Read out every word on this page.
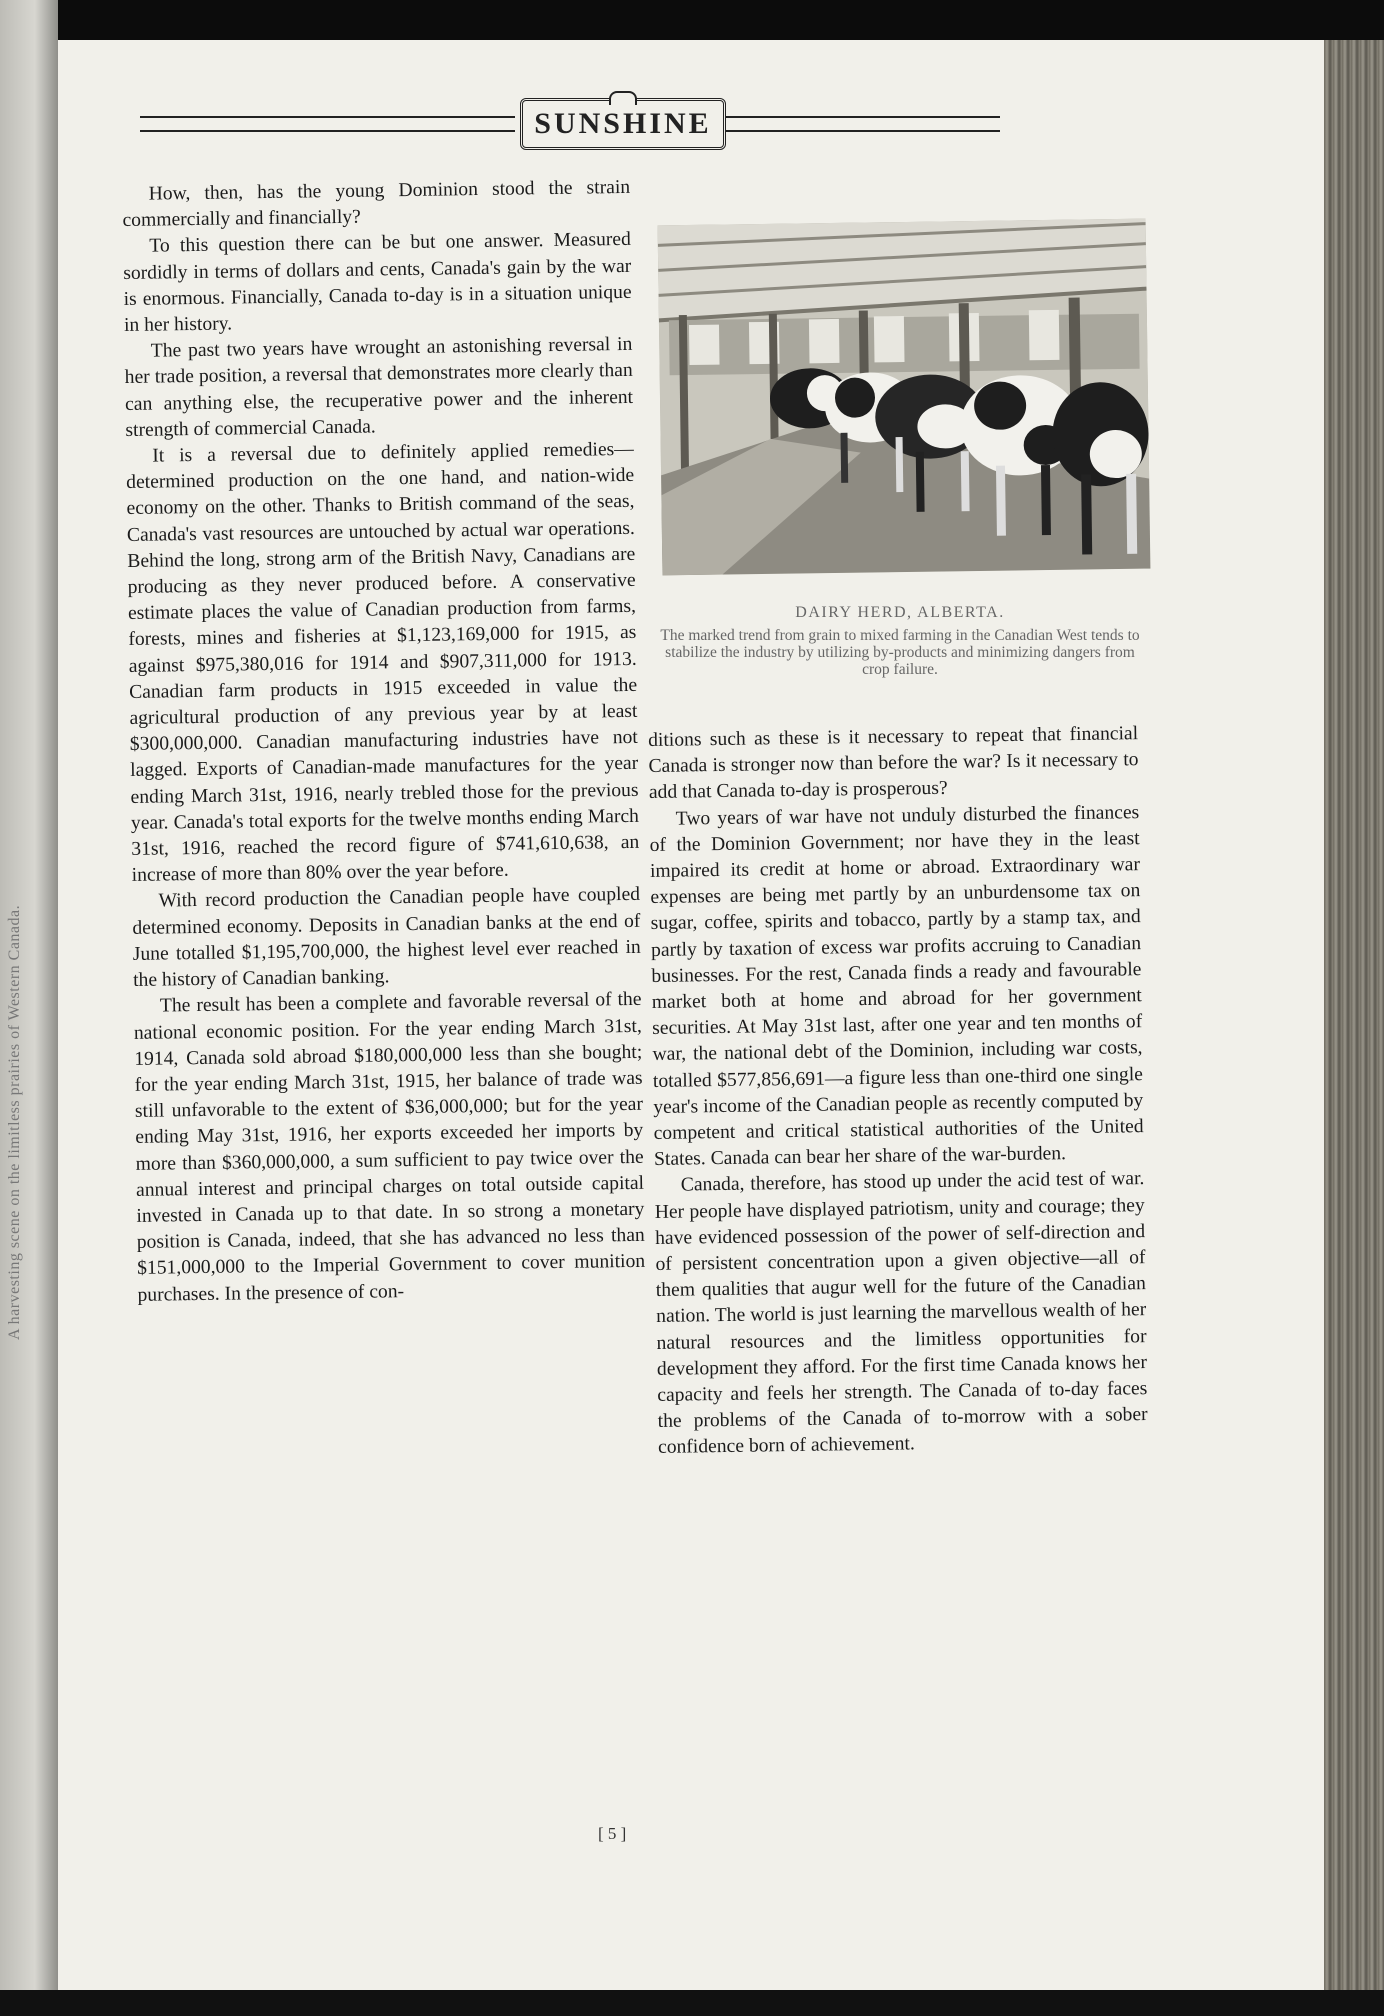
A harvesting scene on the limitless prairies of Western Canada.
SUNSHINE

How, then, has the young Dominion stood the strain commercially and financially?

To this question there can be but one answer. Measured sordidly in terms of dollars and cents, Canada's gain by the war is enormous. Financially, Canada to-day is in a situation unique in her history.

The past two years have wrought an astonishing reversal in her trade position, a reversal that demonstrates more clearly than can anything else, the recuperative power and the inherent strength of commercial Canada.

It is a reversal due to definitely applied remedies—determined production on the one hand, and nation-wide economy on the other. Thanks to British command of the seas, Canada's vast resources are untouched by actual war operations. Behind the long, strong arm of the British Navy, Canadians are producing as they never produced before. A conservative estimate places the value of Canadian production from farms, forests, mines and fisheries at $1,123,169,000 for 1915, as against $975,380,016 for 1914 and $907,311,000 for 1913. Canadian farm products in 1915 exceeded in value the agricultural production of any previous year by at least $300,000,000. Canadian manufacturing industries have not lagged. Exports of Canadian-made manufactures for the year ending March 31st, 1916, nearly trebled those for the previous year. Canada's total exports for the twelve months ending March 31st, 1916, reached the record figure of $741,610,638, an increase of more than 80% over the year before.

With record production the Canadian people have coupled determined economy. Deposits in Canadian banks at the end of June totalled $1,195,700,000, the highest level ever reached in the history of Canadian banking.

The result has been a complete and favorable reversal of the national economic position. For the year ending March 31st, 1914, Canada sold abroad $180,000,000 less than she bought; for the year ending March 31st, 1915, her balance of trade was still unfavorable to the extent of $36,000,000; but for the year ending May 31st, 1916, her exports exceeded her imports by more than $360,000,000, a sum sufficient to pay twice over the annual interest and principal charges on total outside capital invested in Canada up to that date. In so strong a monetary position is Canada, indeed, that she has advanced no less than $151,000,000 to the Imperial Government to cover munition purchases. In the presence of con-

DAIRY HERD, ALBERTA.
The marked trend from grain to mixed farming in the Canadian West tends to stabilize the industry by utilizing by-products and minimizing dangers from crop failure.

ditions such as these is it necessary to repeat that financial Canada is stronger now than before the war? Is it necessary to add that Canada to-day is prosperous?

Two years of war have not unduly disturbed the finances of the Dominion Government; nor have they in the least impaired its credit at home or abroad. Extraordinary war expenses are being met partly by an unburdensome tax on sugar, coffee, spirits and tobacco, partly by a stamp tax, and partly by taxation of excess war profits accruing to Canadian businesses. For the rest, Canada finds a ready and favourable market both at home and abroad for her government securities. At May 31st last, after one year and ten months of war, the national debt of the Dominion, including war costs, totalled $577,856,691—a figure less than one-third one single year's income of the Canadian people as recently computed by competent and critical statistical authorities of the United States. Canada can bear her share of the war-burden.

Canada, therefore, has stood up under the acid test of war. Her people have displayed patriotism, unity and courage; they have evidenced possession of the power of self-direction and of persistent concentration upon a given objective—all of them qualities that augur well for the future of the Canadian nation. The world is just learning the marvellous wealth of her natural resources and the limitless opportunities for development they afford. For the first time Canada knows her capacity and feels her strength. The Canada of to-day faces the problems of the Canada of to-morrow with a sober confidence born of achievement.

[ 5 ]
